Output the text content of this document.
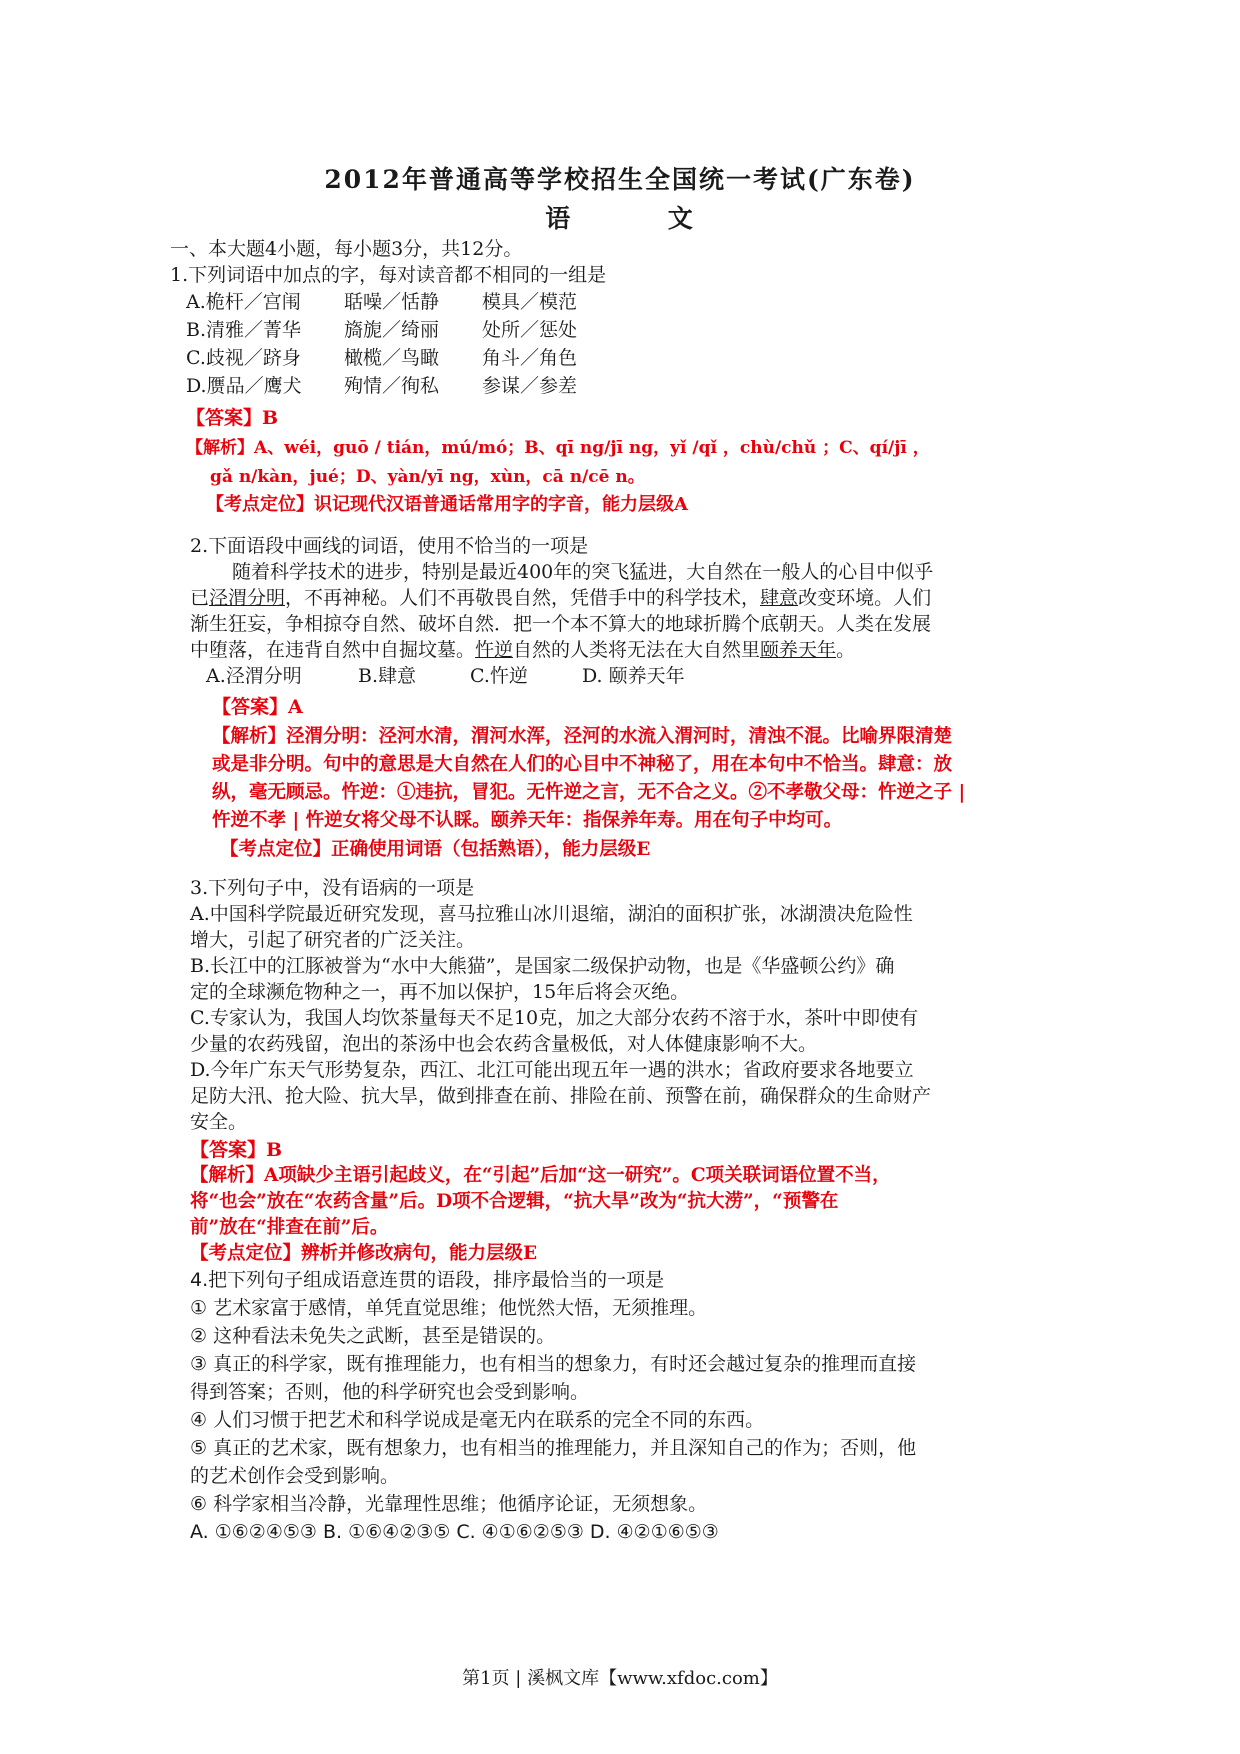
2012年普通高等学校招生全国统一考试(广东卷)
语	文
一、本大题4小题，每小题3分，共12分。
1.下列词语中加点的字，每对读音都不相同的一组是
A.桅杆／宫闱 聒噪／恬静 模具／模范
B.清雅／菁华 旖旎／绮丽 处所／惩处
C.歧视／跻身 橄榄／鸟瞰 角斗／角色
D.赝品／鹰犬 殉情／徇私 参谋／参差
【答案】B
【解析】A、wéi，guō / tián，mú/mó；B、qī ng/jī ng，yǐ /qǐ ，chù/chǔ ；C、qí/jī ，
gǎ n/kàn，jué；D、yàn/yī ng，xùn，cā n/cē n。
【考点定位】识记现代汉语普通话常用字的字音，能力层级A
2.下面语段中画线的词语，使用不恰当的一项是
随着科学技术的进步，特别是最近400年的突飞猛进，大自然在一般人的心目中似乎
已泾渭分明，不再神秘。人们不再敬畏自然，凭借手中的科学技术，肆意改变环境。人们
渐生狂妄，争相掠夺自然、破坏自然．把一个本不算大的地球折腾个底朝天。人类在发展
中堕落，在违背自然中自掘坟墓。忤逆自然的人类将无法在大自然里颐养天年。
A.泾渭分明	B.肆意	C.忤逆	D. 颐养天年
【答案】A
【解析】泾渭分明：泾河水清，渭河水浑，泾河的水流入渭河时，清浊不混。比喻界限清楚
或是非分明。句中的意思是大自然在人们的心目中不神秘了，用在本句中不恰当。肆意：放
纵，毫无顾忌。忤逆：①违抗，冒犯。无忤逆之言，无不合之义。②不孝敬父母：忤逆之子 |
忤逆不孝 | 忤逆女将父母不认睬。颐养天年：指保养年寿。用在句子中均可。
【考点定位】正确使用词语（包括熟语），能力层级E
3.下列句子中，没有语病的一项是
A.中国科学院最近研究发现，喜马拉雅山冰川退缩，湖泊的面积扩张，冰湖溃决危险性
增大，引起了研究者的广泛关注。
B.长江中的江豚被誉为“水中大熊猫”，是国家二级保护动物，也是《华盛顿公约》确
定的全球濒危物种之一，再不加以保护，15年后将会灭绝。
C.专家认为，我国人均饮茶量每天不足10克，加之大部分农药不溶于水，茶叶中即使有
少量的农药残留，泡出的茶汤中也会农药含量极低，对人体健康影响不大。
D.今年广东天气形势复杂，西江、北江可能出现五年一遇的洪水；省政府要求各地要立
足防大汛、抢大险、抗大旱，做到排查在前、排险在前、预警在前，确保群众的生命财产
安全。
【答案】B
【解析】A项缺少主语引起歧义，在“引起”后加“这一研究”。C项关联词语位置不当，
将“也会”放在“农药含量”后。D项不合逻辑，“抗大旱”改为“抗大涝”，“预警在
前”放在“排查在前”后。
【考点定位】辨析并修改病句，能力层级E
4.把下列句子组成语意连贯的语段，排序最恰当的一项是
① 艺术家富于感情，单凭直觉思维；他恍然大悟，无须推理。
② 这种看法未免失之武断，甚至是错误的。
③ 真正的科学家，既有推理能力，也有相当的想象力，有时还会越过复杂的推理而直接
得到答案；否则，他的科学研究也会受到影响。
④ 人们习惯于把艺术和科学说成是毫无内在联系的完全不同的东西。
⑤ 真正的艺术家，既有想象力，也有相当的推理能力，并且深知自己的作为；否则，他
的艺术创作会受到影响。
⑥ 科学家相当冷静，光靠理性思维；他循序论证，无须想象。
A. ①⑥②④⑤③ B. ①⑥④②③⑤ C. ④①⑥②⑤③ D. ④②①⑥⑤③
第1页 | 溪枫文库【www.xfdoc.com】
